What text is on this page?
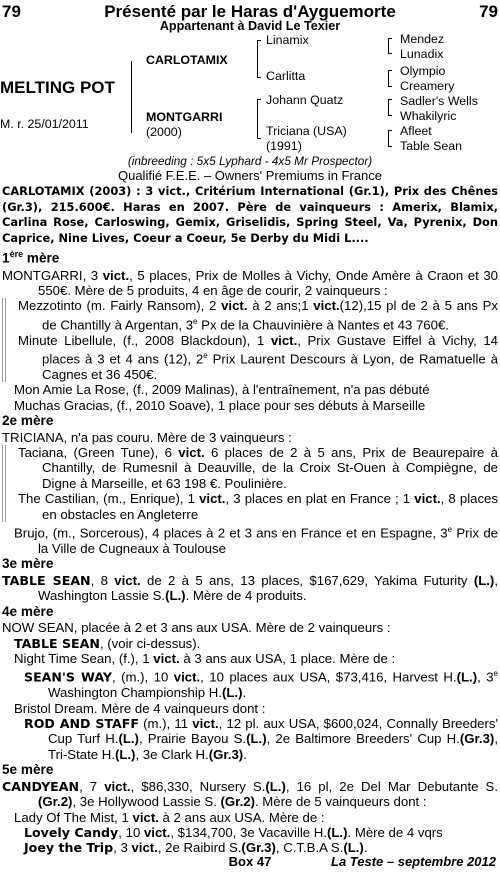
79	Présenté par le Haras d'Ayguemorte	79
Appartenant à David Le Texier
MELTING POT
M. r. 25/01/2011
CARLOTAMIX
MONTGARRI
(2000)
Linamix
Carlitta
Johann Quatz
Triciana (USA)
(1991)
Mendez
Lunadix
Olympio
Creamery
Sadler's Wells
Whakilyric
Afleet
Table Sean
(inbreeding : 5x5 Lyphard - 4x5 Mr Prospector)
Qualifié F.E.E. – Owners' Premiums in France

CARLOTAMIX (2003) : 3 vict., Critérium International (Gr.1), Prix des Chênes (Gr.3), 215.600€. Haras en 2007. Père de vainqueurs : Amerix, Blamix, Carlina Rose, Carloswing, Gemix, Griselidis, Spring Steel, Va, Pyrenix, Don Caprice, Nine Lives, Coeur a Coeur, 5e Derby du Midi L....

1ère mère

MONTGARRI, 3 vict., 5 places, Prix de Molles à Vichy, Onde Amère à Craon et 30 550€. Mère de 5 produits, 4 en âge de courir, 2 vainqueurs :

Mezzotinto (m. Fairly Ransom), 2 vict. à 2 ans;1 vict.(12),15 pl de 2 à 5 ans Px de Chantilly à Argentan, 3e Px de la Chauvinière à Nantes et 43 760€.

Minute Libellule, (f., 2008 Blackdoun), 1 vict., Prix Gustave Eiffel à Vichy, 14 places à 3 et 4 ans (12), 2e Prix Laurent Descours à Lyon, de Ramatuelle à Cagnes et 36 450€.

Mon Amie La Rose, (f., 2009 Malinas), à l'entraînement, n'a pas débuté

Muchas Gracias, (f., 2010 Soave), 1 place pour ses débuts à Marseille

2e mère

TRICIANA, n'a pas couru. Mère de 3 vainqueurs :

Taciana, (Green Tune), 6 vict. 6 places de 2 à 5 ans, Prix de Beaurepaire à Chantilly, de Rumesnil à Deauville, de la Croix St-Ouen à Compiègne, de Digne à Marseille, et 63 198 €. Poulinière.

The Castilian, (m., Enrique), 1 vict., 3 places en plat en France ; 1 vict., 8 places en obstacles en Angleterre

Brujo, (m., Sorcerous), 4 places à 2 et 3 ans en France et en Espagne, 3e Prix de la Ville de Cugneaux à Toulouse

3e mère

TABLE SEAN, 8 vict. de 2 à 5 ans, 13 places, $167,629, Yakima Futurity (L.), Washington Lassie S.(L.). Mère de 4 produits.

4e mère

NOW SEAN, placée à 2 et 3 ans aux USA. Mère de 2 vainqueurs :

TABLE SEAN, (voir ci-dessus).

Night Time Sean, (f.), 1 vict. à 3 ans aux USA, 1 place. Mère de :

SEAN'S WAY, (m.), 10 vict., 10 places aux USA, $73,416, Harvest H.(L.), 3e Washington Championship H.(L.).

Bristol Dream. Mère de 4 vainqueurs dont :

ROD AND STAFF (m.), 11 vict., 12 pl. aux USA, $600,024, Connally Breeders' Cup Turf H.(L.), Prairie Bayou S.(L.), 2e Baltimore Breeders' Cup H.(Gr.3), Tri-State H.(L.), 3e Clark H.(Gr.3).

5e mère

CANDYEAN, 7 vict., $86,330, Nursery S.(L.), 16 pl, 2e Del Mar Debutante S. (Gr.2), 3e Hollywood Lassie S. (Gr.2). Mère de 5 vainqueurs dont :

Lady Of The Mist, 1 vict. à 2 ans aux USA. Mère de :

Lovely Candy, 10 vict., $134,700, 3e Vacaville H.(L.). Mère de 4 vqrs

Joey the Trip, 3 vict., 2e Raibird S.(Gr.3), C.T.B.A S.(L.).

Box 47	La Teste – septembre 2012
